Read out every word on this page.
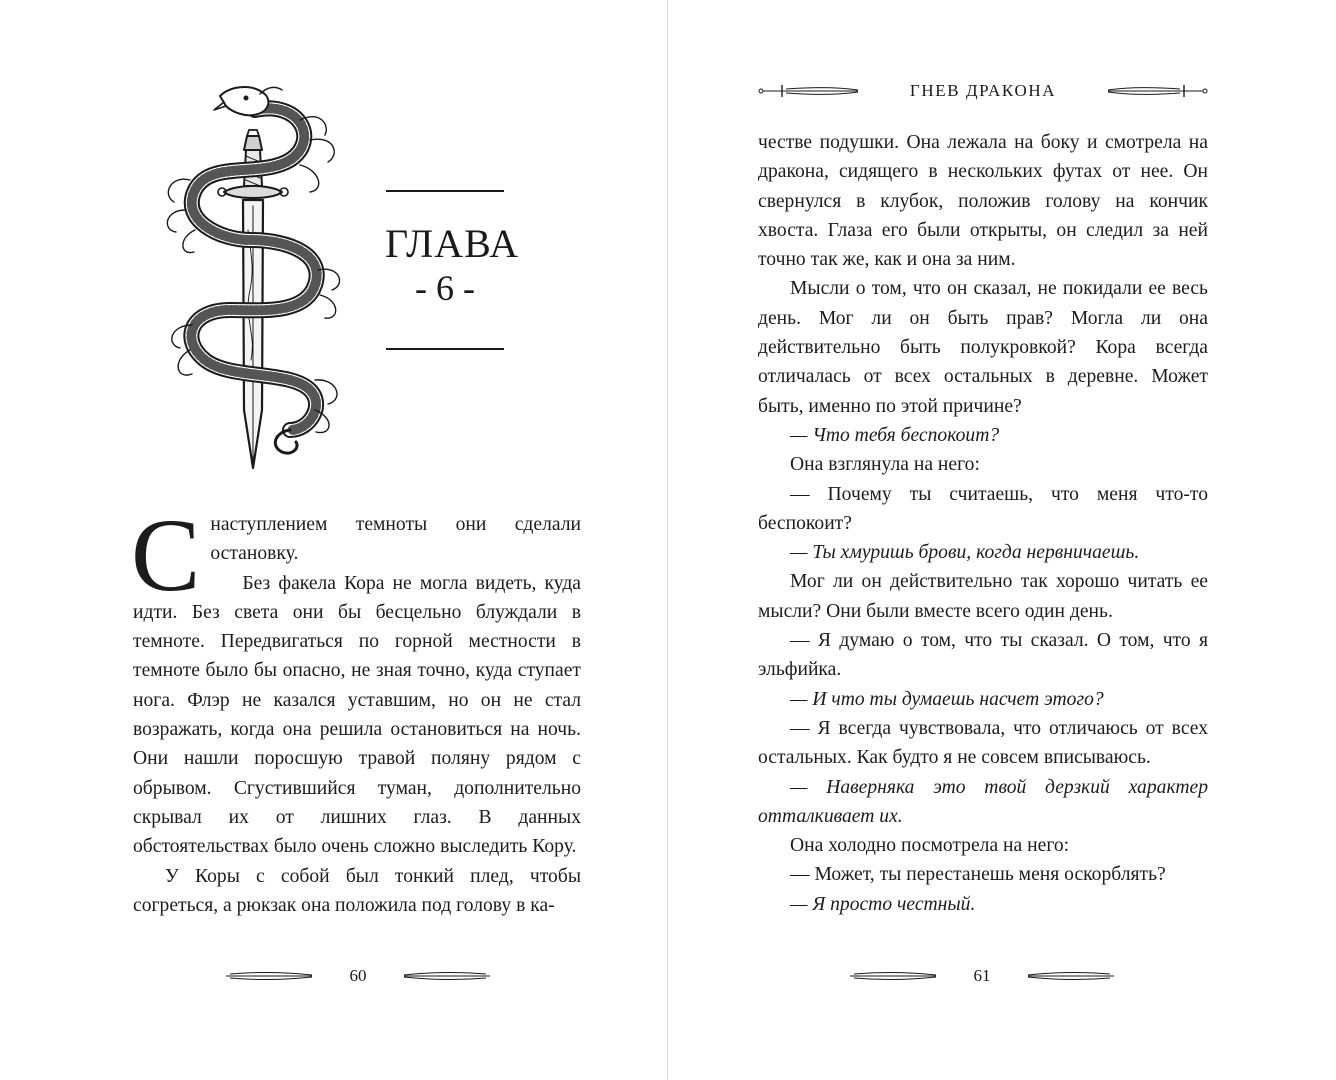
ГЛАВА
- 6 -

Снаступлением темноты они сделали остановку.

Без факела Кора не могла видеть, куда идти. Без света они бы бесцельно блуждали в темноте. Передвигаться по горной местности в темноте было бы опасно, не зная точно, куда ступает нога. Флэр не казался уставшим, но он не стал возражать, когда она решила остановиться на ночь. Они нашли поросшую травой поляну рядом с обрывом. Сгустившийся туман, дополнительно скрывал их от лишних глаз. В данных обстоятельствах было очень сложно выследить Кору.

У Коры с собой был тонкий плед, чтобы согреться, а рюкзак она положила под голову в ка-

60
ГНЕВ ДРАКОНА

честве подушки. Она лежала на боку и смотрела на дракона, сидящего в нескольких футах от нее. Он свернулся в клубок, положив голову на кончик хвоста. Глаза его были открыты, он следил за ней точно так же, как и она за ним.

Мысли о том, что он сказал, не покидали ее весь день. Мог ли он быть прав? Могла ли она действительно быть полукровкой? Кора всегда отличалась от всех остальных в деревне. Может быть, именно по этой причине?

— Что тебя беспокоит?

Она взглянула на него:

— Почему ты считаешь, что меня что-то беспокоит?

— Ты хмуришь брови, когда нервничаешь.

Мог ли он действительно так хорошо читать ее мысли? Они были вместе всего один день.

— Я думаю о том, что ты сказал. О том, что я эльфийка.

— И что ты думаешь насчет этого?

— Я всегда чувствовала, что отличаюсь от всех остальных. Как будто я не совсем вписываюсь.

— Наверняка это твой дерзкий характер отталкивает их.

Она холодно посмотрела на него:

— Может, ты перестанешь меня оскорблять?

— Я просто честный.

61
